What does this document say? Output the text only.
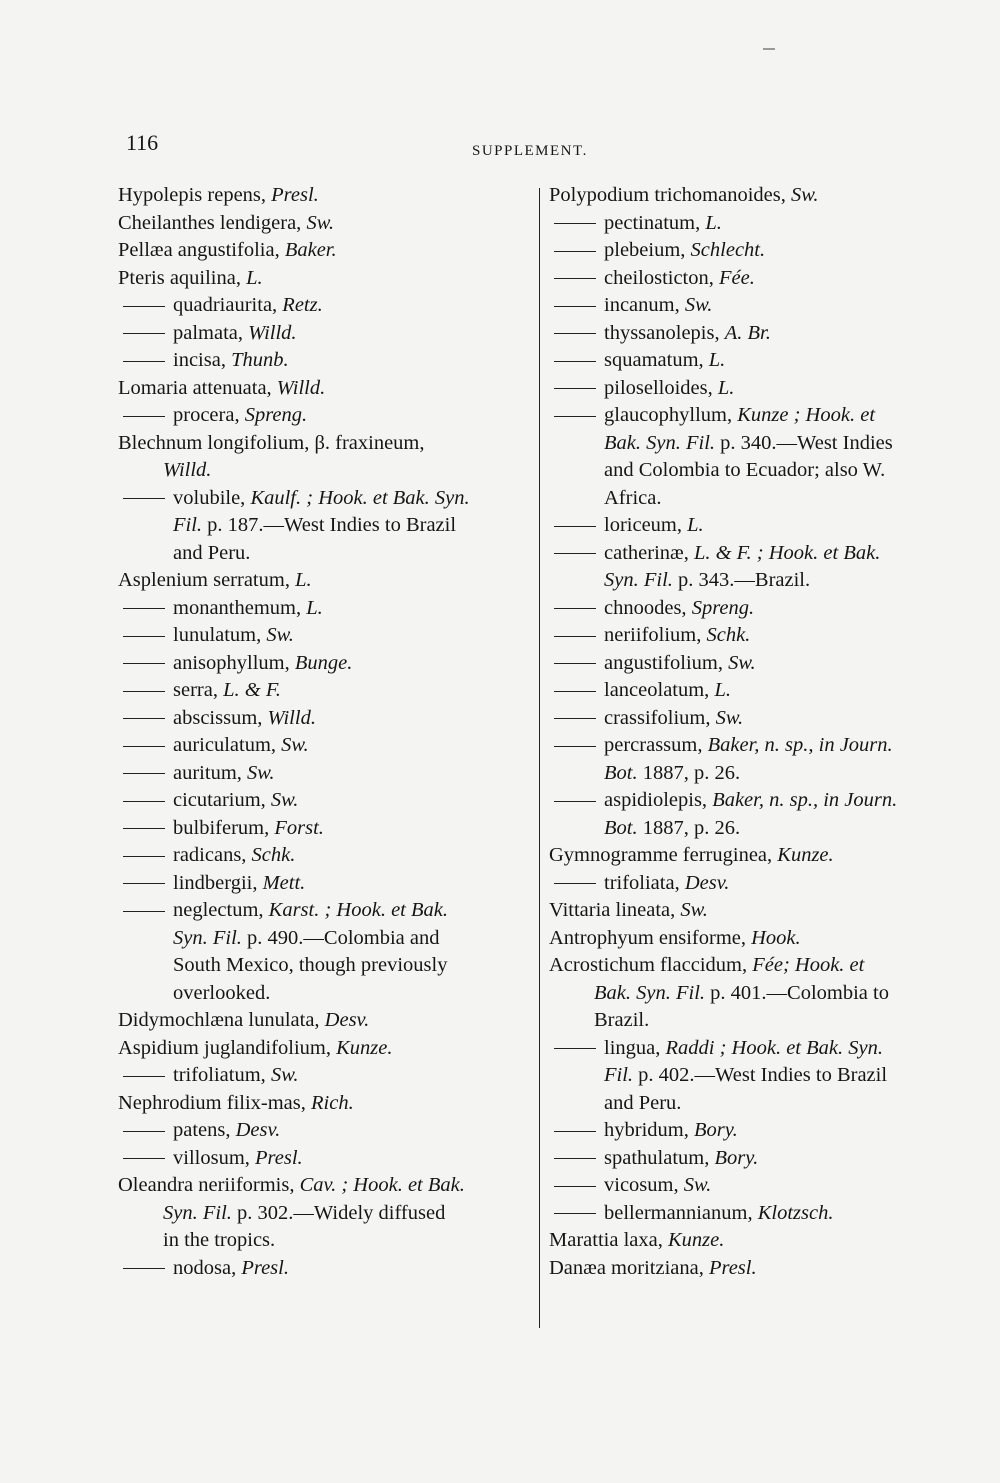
116	SUPPLEMENT.
Hypolepis repens, Presl.
Cheilanthes lendigera, Sw.
Pellæa angustifolia, Baker.
Pteris aquilina, L.
quadriaurita, Retz.
palmata, Willd.
incisa, Thunb.
Lomaria attenuata, Willd.
procera, Spreng.
Blechnum longifolium, β. fraxineum,
Willd.
volubile, Kaulf. ; Hook. et Bak. Syn.
Fil. p. 187.—West Indies to Brazil
and Peru.
Asplenium serratum, L.
monanthemum, L.
lunulatum, Sw.
anisophyllum, Bunge.
serra, L. & F.
abscissum, Willd.
auriculatum, Sw.
auritum, Sw.
cicutarium, Sw.
bulbiferum, Forst.
radicans, Schk.
lindbergii, Mett.
neglectum, Karst. ; Hook. et Bak.
Syn. Fil. p. 490.—Colombia and
South Mexico, though previously
overlooked.
Didymochlæna lunulata, Desv.
Aspidium juglandifolium, Kunze.
trifoliatum, Sw.
Nephrodium filix-mas, Rich.
patens, Desv.
villosum, Presl.
Oleandra neriiformis, Cav. ; Hook. et Bak.
Syn. Fil. p. 302.—Widely diffused
in the tropics.
nodosa, Presl.
Polypodium trichomanoides, Sw.
pectinatum, L.
plebeium, Schlecht.
cheilosticton, Fée.
incanum, Sw.
thyssanolepis, A. Br.
squamatum, L.
piloselloides, L.
glaucophyllum, Kunze ; Hook. et
Bak. Syn. Fil. p. 340.—West Indies
and Colombia to Ecuador; also W.
Africa.
loriceum, L.
catherinæ, L. & F. ; Hook. et Bak.
Syn. Fil. p. 343.—Brazil.
chnoodes, Spreng.
neriifolium, Schk.
angustifolium, Sw.
lanceolatum, L.
crassifolium, Sw.
percrassum, Baker, n. sp., in Journ.
Bot. 1887, p. 26.
aspidiolepis, Baker, n. sp., in Journ.
Bot. 1887, p. 26.
Gymnogramme ferruginea, Kunze.
trifoliata, Desv.
Vittaria lineata, Sw.
Antrophyum ensiforme, Hook.
Acrostichum flaccidum, Fée; Hook. et
Bak. Syn. Fil. p. 401.—Colombia to
Brazil.
lingua, Raddi ; Hook. et Bak. Syn.
Fil. p. 402.—West Indies to Brazil
and Peru.
hybridum, Bory.
spathulatum, Bory.
vicosum, Sw.
bellermannianum, Klotzsch.
Marattia laxa, Kunze.
Danæa moritziana, Presl.
